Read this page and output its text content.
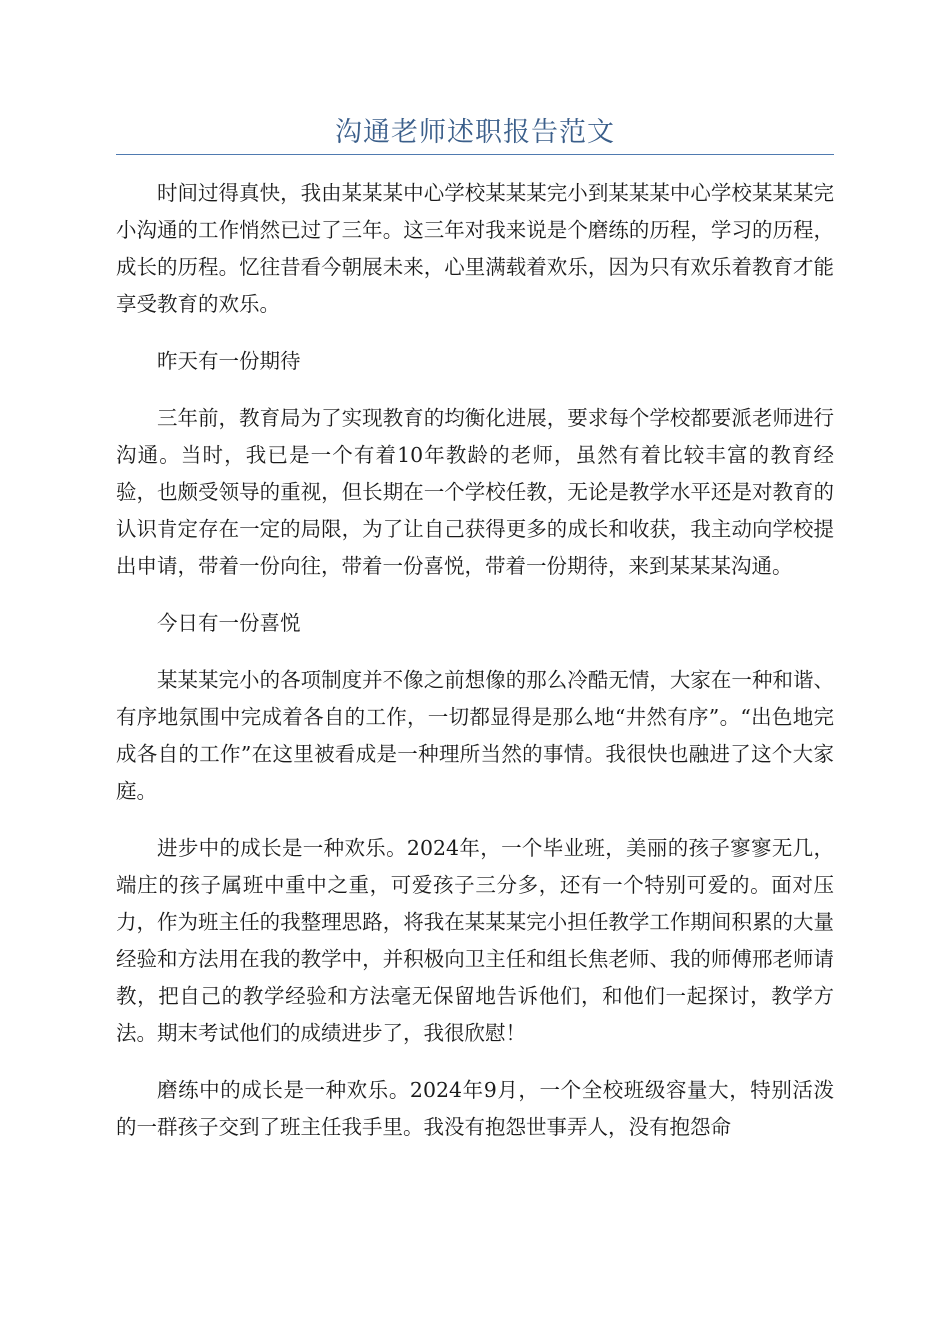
沟通老师述职报告范文

时间过得真快，我由某某某中心学校某某某完小到某某某中心学校某某某完小沟通的工作悄然已过了三年。这三年对我来说是个磨练的历程，学习的历程，成长的历程。忆往昔看今朝展未来，心里满载着欢乐，因为只有欢乐着教育才能享受教育的欢乐。

昨天有一份期待

三年前，教育局为了实现教育的均衡化进展，要求每个学校都要派老师进行沟通。当时，我已是一个有着10年教龄的老师，虽然有着比较丰富的教育经验，也颇受领导的重视，但长期在一个学校任教，无论是教学水平还是对教育的认识肯定存在一定的局限，为了让自己获得更多的成长和收获，我主动向学校提出申请，带着一份向往，带着一份喜悦，带着一份期待，来到某某某沟通。

今日有一份喜悦

某某某完小的各项制度并不像之前想像的那么冷酷无情，大家在一种和谐、有序地氛围中完成着各自的工作，一切都显得是那么地“井然有序”。“出色地完成各自的工作”在这里被看成是一种理所当然的事情。我很快也融进了这个大家庭。

进步中的成长是一种欢乐。2024年，一个毕业班，美丽的孩子寥寥无几，端庄的孩子属班中重中之重，可爱孩子三分多，还有一个特别可爱的。面对压力，作为班主任的我整理思路，将我在某某某完小担任教学工作期间积累的大量经验和方法用在我的教学中，并积极向卫主任和组长焦老师、我的师傅邢老师请教，把自己的教学经验和方法毫无保留地告诉他们，和他们一起探讨，教学方法。期末考试他们的成绩进步了，我很欣慰！

磨练中的成长是一种欢乐。2024年9月，一个全校班级容量大，特别活泼的一群孩子交到了班主任我手里。我没有抱怨世事弄人，没有抱怨命
